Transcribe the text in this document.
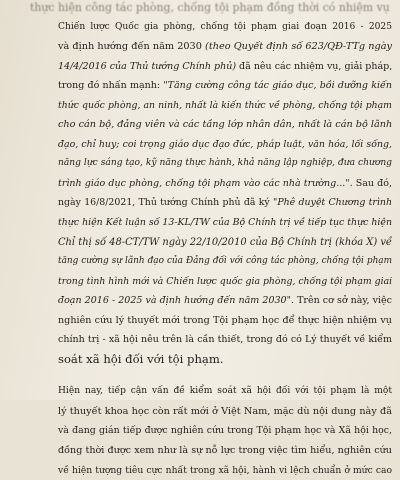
thực hiện công tác phòng, chống tội phạm đồng thời có nhiệm vụ

Chiến lược Quốc gia phòng, chống tội phạm giai đoạn 2016 - 2025
và định hướng đến năm 2030 (theo Quyết định số 623/QĐ-TTg ngày
14/4/2016 của Thủ tướng Chính phủ) đã nêu các nhiệm vụ, giải pháp,
trong đó nhấn mạnh: "Tăng cường công tác giáo dục, bồi dưỡng kiến
thức quốc phòng, an ninh, nhất là kiến thức về phòng, chống tội phạm
cho cán bộ, đảng viên và các tầng lớp nhân dân, nhất là cán bộ lãnh
đạo, chỉ huy; coi trọng giáo dục đạo đức, pháp luật, văn hóa, lối sống,
năng lực sáng tạo, kỹ năng thực hành, khả năng lập nghiệp, đưa chương
trình giáo dục phòng, chống tội phạm vào các nhà trường...". Sau đó,
ngày 16/8/2021, Thủ tướng Chính phủ đã ký "Phê duyệt Chương trình
thực hiện Kết luận số 13-KL/TW của Bộ Chính trị về tiếp tục thực hiện
Chỉ thị số 48-CT/TW ngày 22/10/2010 của Bộ Chính trị (khóa X) về
tăng cường sự lãnh đạo của Đảng đối với công tác phòng, chống tội phạm
trong tình hình mới và Chiến lược quốc gia phòng, chống tội phạm giai
đoạn 2016 - 2025 và định hướng đến năm 2030". Trên cơ sở này, việc
nghiên cứu lý thuyết mới trong Tội phạm học để thực hiện nhiệm vụ
chính trị - xã hội nêu trên là cần thiết, trong đó có Lý thuyết về kiểm
soát xã hội đối với tội phạm.

Hiện nay, tiếp cận vấn đề kiểm soát xã hội đối với tội phạm là một
lý thuyết khoa học còn rất mới ở Việt Nam, mặc dù nội dung này đã
và đang gián tiếp được nghiên cứu trong Tội phạm học và Xã hội học,
đồng thời được xem như là sự nỗ lực trong việc tìm hiểu, nghiên cứu
về hiện tượng tiêu cực nhất trong xã hội, hành vi lệch chuẩn ở mức cao
